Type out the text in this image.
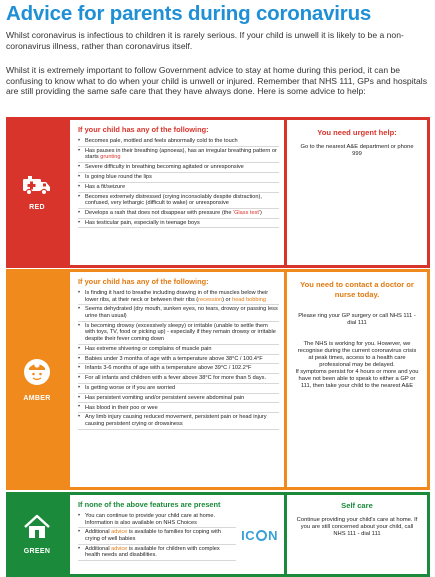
Advice for parents during coronavirus
Whilst coronavirus is infectious to children it is rarely serious. If your child is unwell it is likely to be a non-coronavirus illness, rather than coronavirus itself.
Whilst it is extremely important to follow Government advice to stay at home during this period, it can be confusing to know what to do when your child is unwell or injured. Remember that NHS 111, GPs and hospitals are still providing the same safe care that they have always done. Here is some advice to help:
RED
If your child has any of the following:
• Becomes pale, mottled and feels abnormally cold to the touch
• Has pauses in their breathing (apnoeas), has an irregular breathing pattern or starts grunting
• Severe difficulty in breathing becoming agitated or unresponsive
• Is going blue round the lips
• Has a fit/seizure
• Becomes extremely distressed (crying inconsolably despite distraction), confused, very lethargic (difficult to wake) or unresponsive
• Develops a rash that does not disappear with pressure (the 'Glass test')
• Has testicular pain, especially in teenage boys
You need urgent help:

Go to the nearest A&E department or phone 999

AMBER
If your child has any of the following:
• Is finding it hard to breathe including drawing in of the muscles below their lower ribs, at their neck or between their ribs (recession) or head bobbing
• Seems dehydrated (dry mouth, sunken eyes, no tears, drowsy or passing less urine than usual)
• Is becoming drowsy (excessively sleepy) or irritable (unable to settle them with toys, TV, food or picking up) - especially if they remain drowsy or irritable despite their fever coming down
• Has extreme shivering or complains of muscle pain
• Babies under 3 months of age with a temperature above 38°C / 100.4°F
• Infants 3-6 months of age with a temperature above 39°C / 102.2°F
• For all infants and children with a fever above 38°C for more than 5 days.
• Is getting worse or if you are worried
• Has persistent vomiting and/or persistent severe abdominal pain
• Has blood in their poo or wee
• Any limb injury causing reduced movement, persistent pain or head injury causing persistent crying or drowsiness
You need to contact a doctor or nurse today.

Please ring your GP surgery or call NHS 111 - dial 111

The NHS is working for you. However, we recognise during the current coronavirus crisis at peak times, access to a health care professional may be delayed.

If symptoms persist for 4 hours or more and you have not been able to speak to either a GP or 111, then take your child to the nearest A&E

GREEN
If none of the above features are present
• You can continue to provide your child care at home. Information is also available on NHS Choices
• Additional advice is available to families for coping with crying of well babies
• Additional advice is available for children with complex health needs and disabilities.
IC N
Self care

Continue providing your child's care at home. If you are still concerned about your child, call NHS 111 - dial 111
